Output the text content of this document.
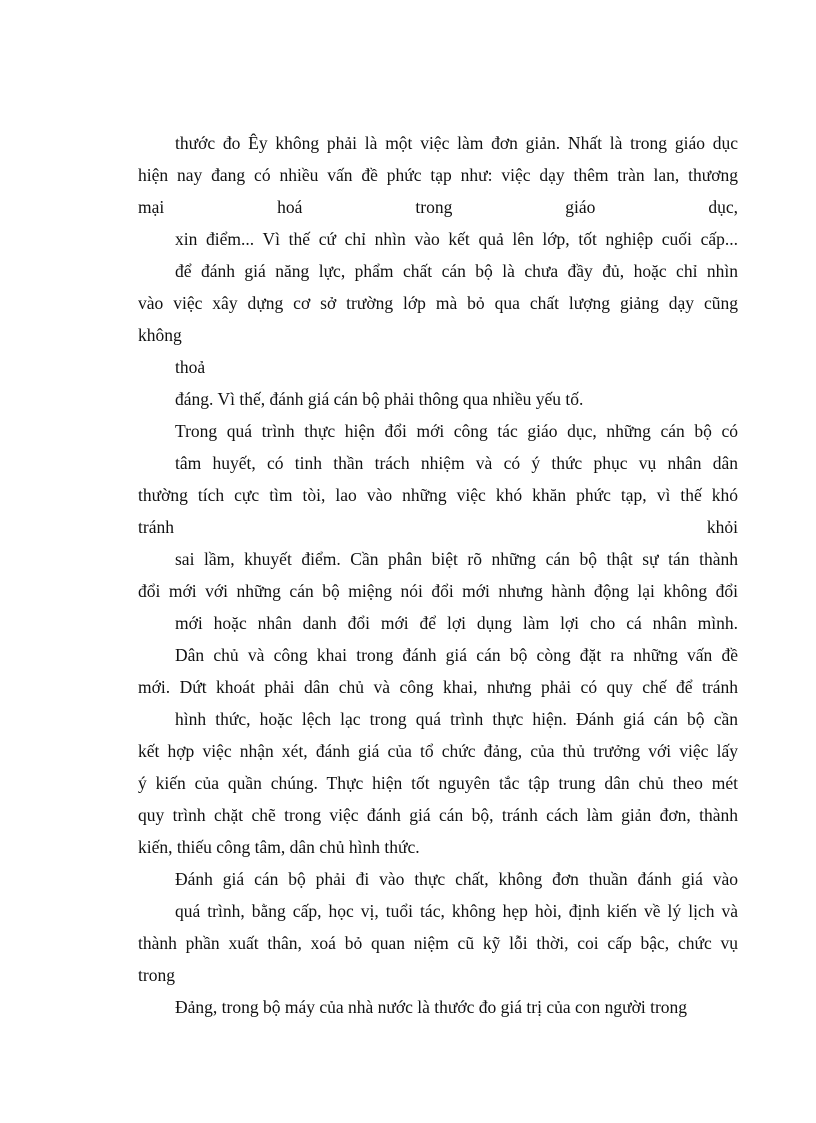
thước đo Êy không phải là một việc làm đơn giản. Nhất là trong giáo dục
hiện nay đang có nhiều vấn đề phức tạp như: việc dạy thêm tràn lan, thương
mại hoá trong giáo dục,
xin điểm... Vì thế cứ chỉ nhìn vào kết quả lên lớp, tốt nghiệp cuối cấp...
để đánh giá năng lực, phẩm chất cán bộ là chưa đầy đủ, hoặc chỉ nhìn
vào việc xây dựng cơ sở trường lớp mà bỏ qua chất lượng giảng dạy cũng
không
thoả
đáng. Vì thế, đánh giá cán bộ phải thông qua nhiều yếu tố.
Trong quá trình thực hiện đổi mới công tác giáo dục, những cán bộ có
tâm huyết, có tinh thần trách nhiệm và có ý thức phục vụ nhân dân
thường tích cực tìm tòi, lao vào những việc khó khăn phức tạp, vì thế khó
tránh khỏi
sai lầm, khuyết điểm. Cần phân biệt rõ những cán bộ thật sự tán thành
đổi mới với những cán bộ miệng nói đổi mới nhưng hành động lại không đổi
mới hoặc nhân danh đổi mới để lợi dụng làm lợi cho cá nhân mình.
Dân chủ và công khai trong đánh giá cán bộ còng đặt ra những vấn đề
mới. Dứt khoát phải dân chủ và công khai, nhưng phải có quy chế để tránh
hình thức, hoặc lệch lạc trong quá trình thực hiện. Đánh giá cán bộ cần
kết hợp việc nhận xét, đánh giá của tổ chức đảng, của thủ trưởng với việc lấy
ý kiến của quần chúng. Thực hiện tốt nguyên tắc tập trung dân chủ theo mét
quy trình chặt chẽ trong việc đánh giá cán bộ, tránh cách làm giản đơn, thành
kiến, thiếu công tâm, dân chủ hình thức.
Đánh giá cán bộ phải đi vào thực chất, không đơn thuần đánh giá vào
quá trình, bằng cấp, học vị, tuổi tác, không hẹp hòi, định kiến về lý lịch và
thành phần xuất thân, xoá bỏ quan niệm cũ kỹ lỗi thời, coi cấp bậc, chức vụ
trong
Đảng, trong bộ máy của nhà nước là thước đo giá trị của con người trong
